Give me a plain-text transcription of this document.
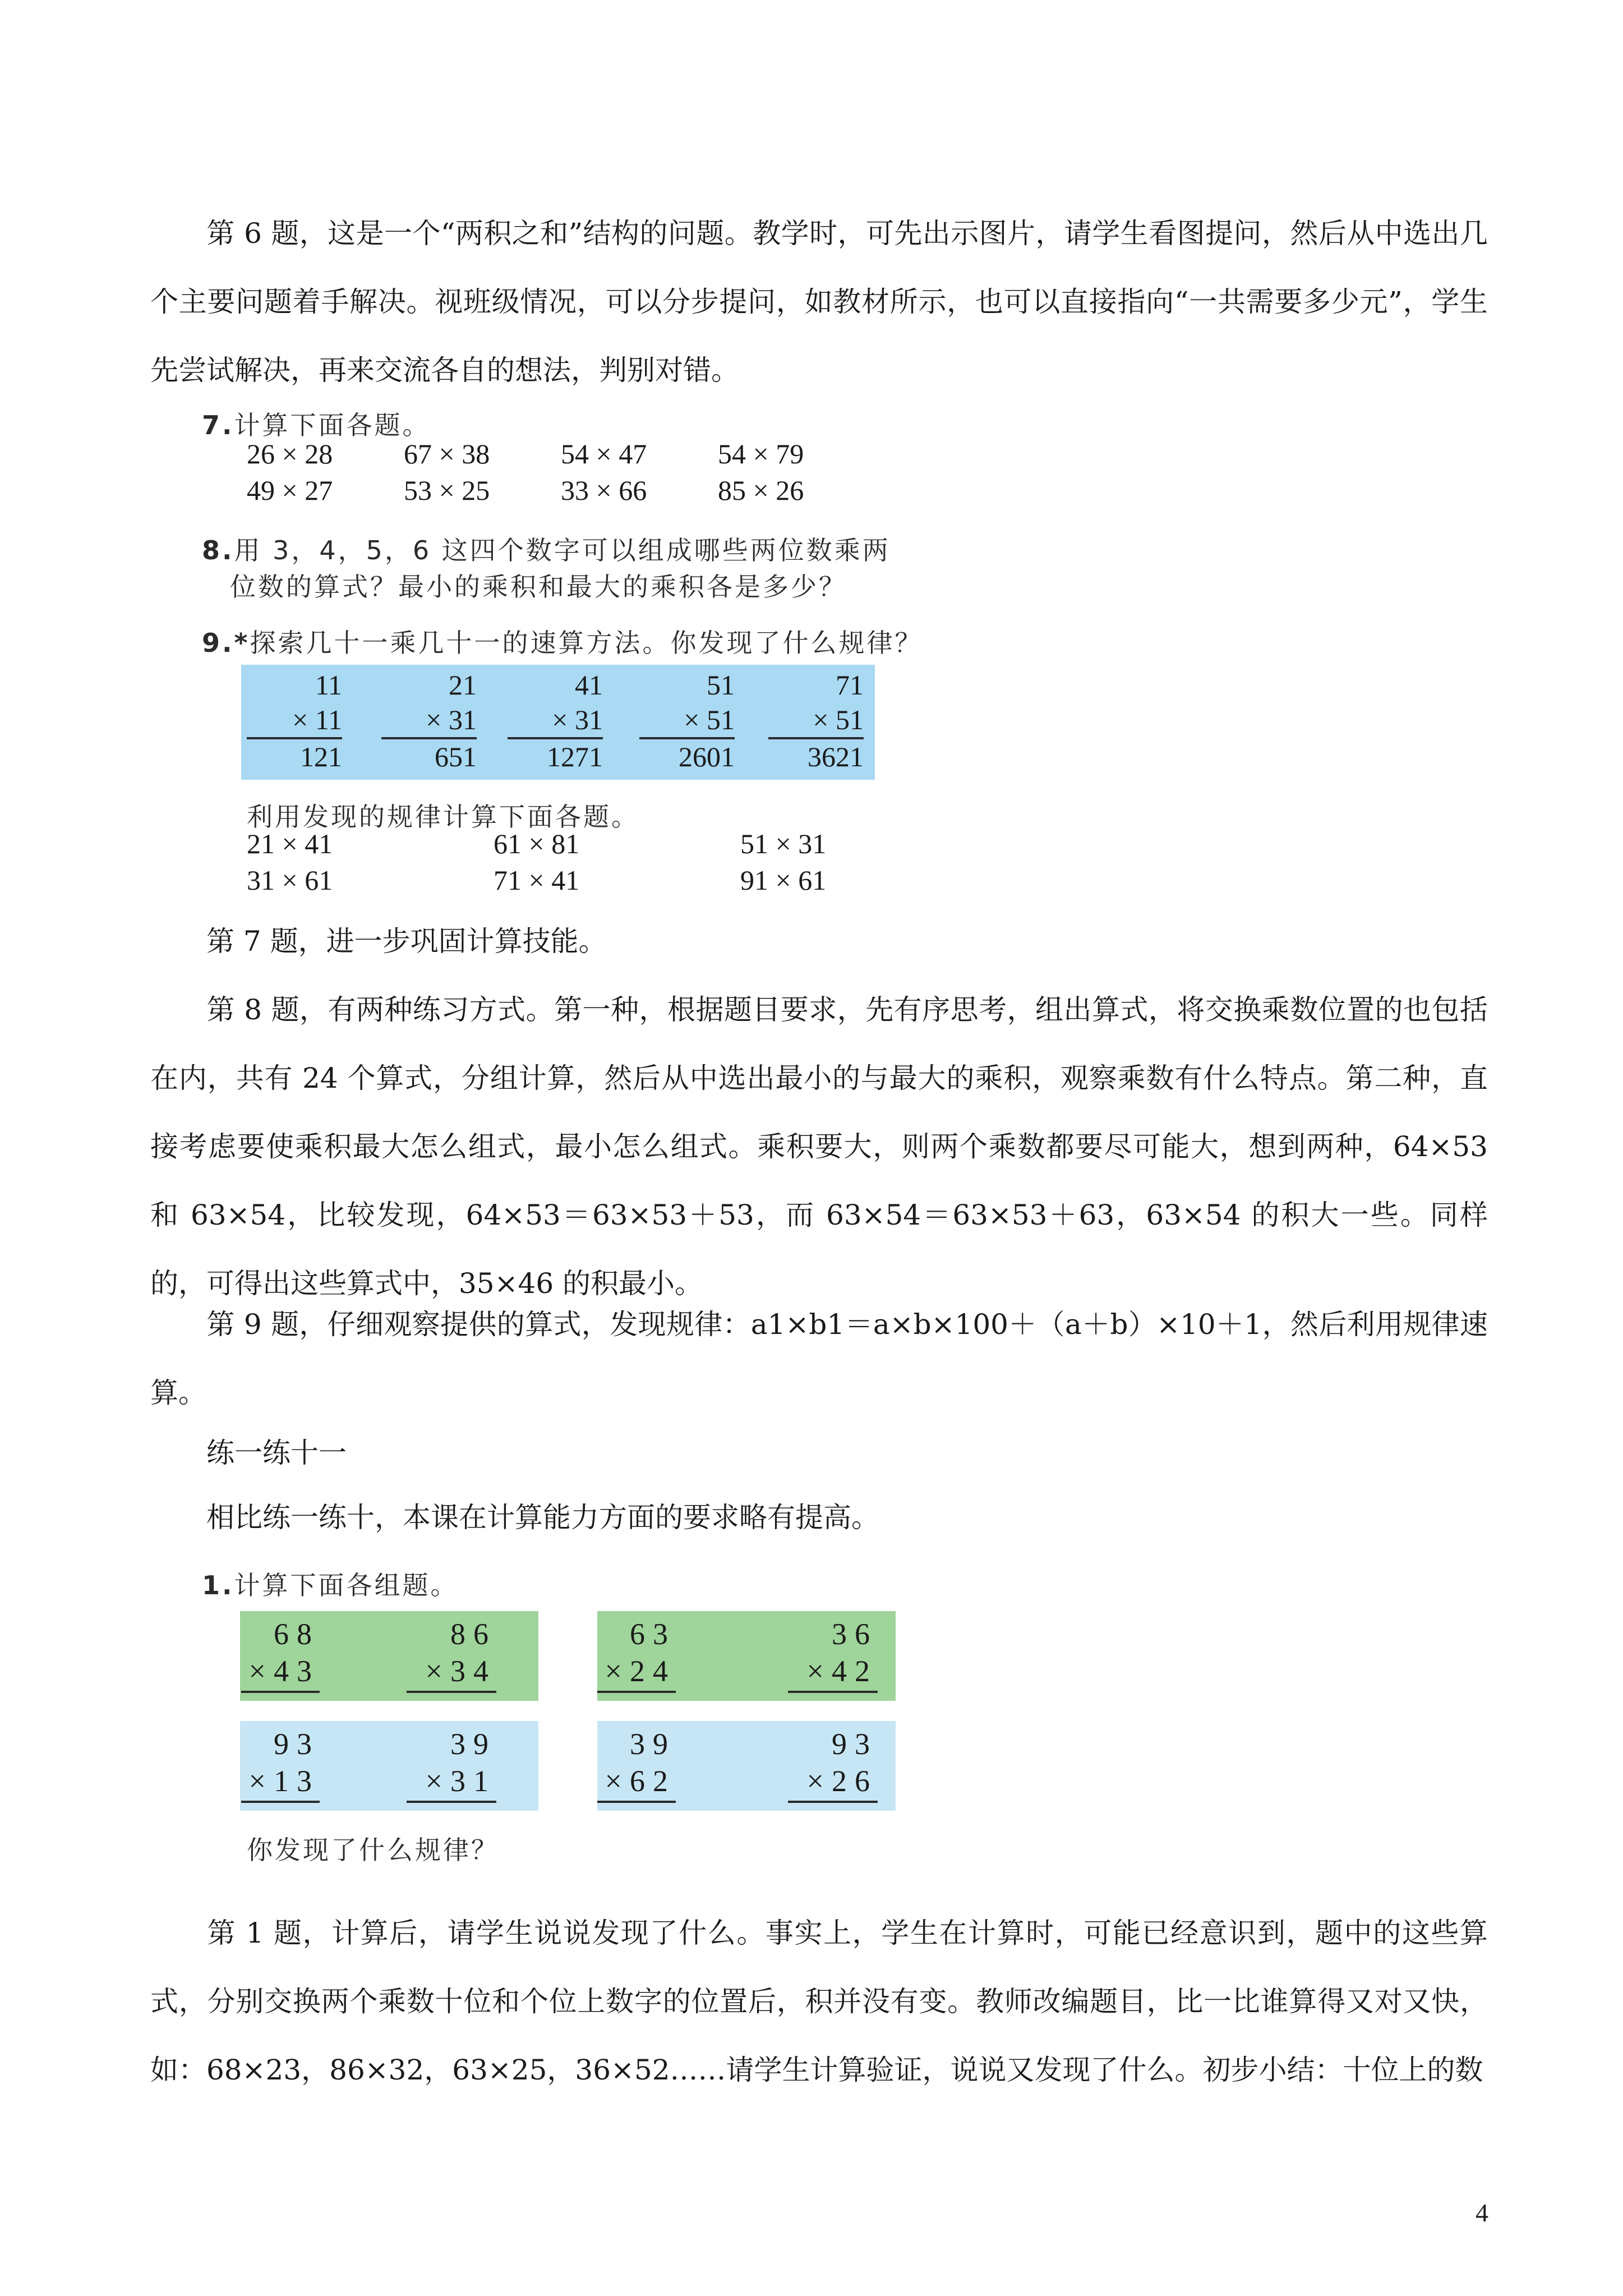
第 6 题，这是一个“两积之和”结构的问题。教学时，可先出示图片，请学生看图提问，然后从中选出几个主要问题着手解决。视班级情况，可以分步提问，如教材所示，也可以直接指向“一共需要多少元”，学生先尝试解决，再来交流各自的想法，判别对错。

7.计算下面各题。
26 × 28	67 × 38	54 × 47	54 × 79
49 × 27	53 × 25	33 × 66	85 × 26
8.用 3，4，5，6 这四个数字可以组成哪些两位数乘两
位数的算式？最小的乘积和最大的乘积各是多少？
9.*探索几十一乘几十一的速算方法。你发现了什么规律？
11
× 11
121
21
× 31
651
41
× 31
1271
51
× 51
2601
71
× 51
3621
利用发现的规律计算下面各题。
21 × 41	61 × 81	51 × 31
31 × 61	71 × 41	91 × 61

第 7 题，进一步巩固计算技能。

第 8 题，有两种练习方式。第一种，根据题目要求，先有序思考，组出算式，将交换乘数位置的也包括在内，共有 24 个算式，分组计算，然后从中选出最小的与最大的乘积，观察乘数有什么特点。第二种，直接考虑要使乘积最大怎么组式，最小怎么组式。乘积要大，则两个乘数都要尽可能大，想到两种，64×53 和 63×54，比较发现，64×53＝63×53＋53，而 63×54＝63×53＋63，63×54 的积大一些。同样的，可得出这些算式中，35×46 的积最小。

第 9 题，仔细观察提供的算式，发现规律：a1×b1＝a×b×100＋（a＋b）×10＋1，然后利用规律速算。

练一练十一
相比练一练十，本课在计算能力方面的要求略有提高。
1.计算下面各组题。
68
×43
86
×34
63
×24
36
×42
93
×13
39
×31
39
×62
93
×26
你发现了什么规律？

第 1 题，计算后，请学生说说发现了什么。事实上，学生在计算时，可能已经意识到，题中的这些算式，分别交换两个乘数十位和个位上数字的位置后，积并没有变。教师改编题目，比一比谁算得又对又快，如：68×23，86×32，63×25，36×52……请学生计算验证，说说又发现了什么。初步小结：十位上的数

4
